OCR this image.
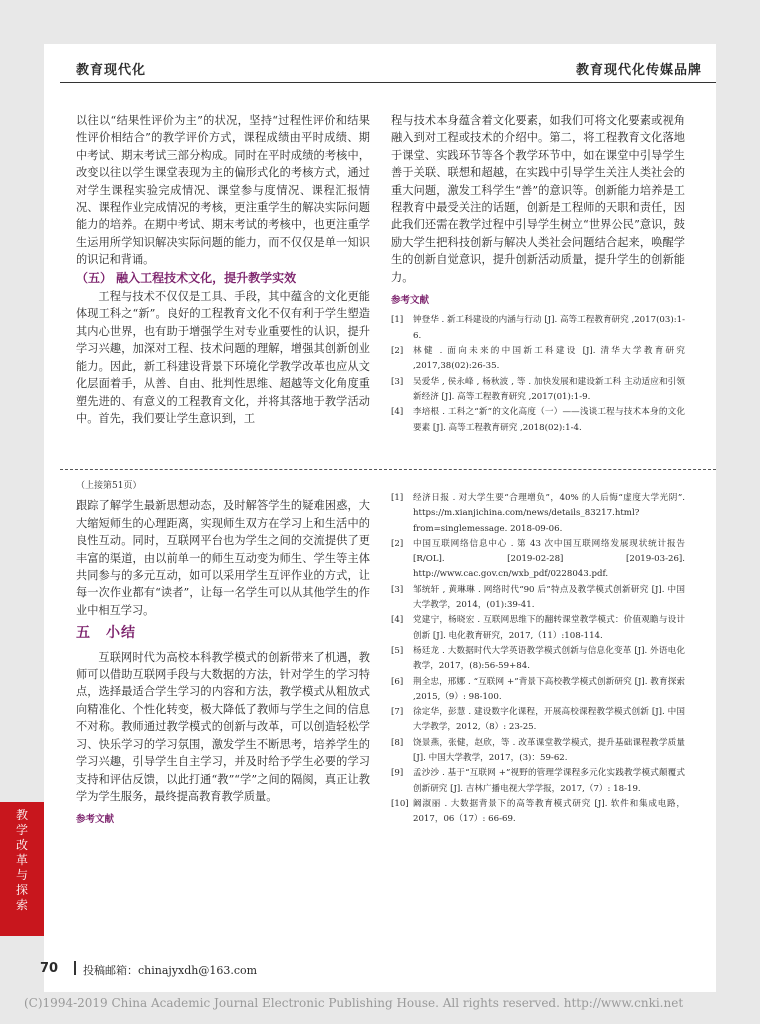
教育现代化	教育现代化传媒品牌

以往以“结果性评价为主”的状况，坚持“过程性评价和结果性评价相结合”的教学评价方式，课程成绩由平时成绩、期中考试、期末考试三部分构成。同时在平时成绩的考核中，改变以往以学生课堂表现为主的偏形式化的考核方式，通过对学生课程实验完成情况、课堂参与度情况、课程汇报情况、课程作业完成情况的考核，更注重学生的解决实际问题能力的培养。在期中考试、期末考试的考核中，也更注重学生运用所学知识解决实际问题的能力，而不仅仅是单一知识的识记和背诵。

（五） 融入工程技术文化，提升教学实效

工程与技术不仅仅是工具、手段，其中蕴含的文化更能体现工科之“新”。良好的工程教育文化不仅有利于学生塑造其内心世界，也有助于增强学生对专业重要性的认识，提升学习兴趣，加深对工程、技术问题的理解，增强其创新创业能力。因此，新工科建设背景下环境化学教学改革也应从文化层面着手，从善、自由、批判性思维、超越等文化角度重塑先进的、有意义的工程教育文化，并将其落地于教学活动中。首先，我们要让学生意识到，工

程与技术本身蕴含着文化要素，如我们可将文化要素或视角融入到对工程或技术的介绍中。第二，将工程教育文化落地于课堂、实践环节等各个教学环节中，如在课堂中引导学生善于关联、联想和超越，在实践中引导学生关注人类社会的重大问题，激发工科学生“善”的意识等。创新能力培养是工程教育中最受关注的话题，创新是工程师的天职和责任，因此我们还需在教学过程中引导学生树立“世界公民”意识，鼓励大学生把科技创新与解决人类社会问题结合起来，唤醒学生的创新自觉意识，提升创新活动质量，提升学生的创新能力。

参考文献
[1]	钟登华 . 新工科建设的内涵与行动 [J]. 高等工程教育研究 ,2017(03):1-6.
[2]	林健 . 面向未来的中国新工科建设 [J]. 清华大学教育研究 ,2017,38(02):26-35.
[3]	吴爱华 , 侯永峰 , 杨秋波 , 等 . 加快发展和建设新工科 主动适应和引领新经济 [J]. 高等工程教育研究 ,2017(01):1-9.
[4]	李培根 . 工科之“新”的文化高度（一）——浅谈工程与技术本身的文化要素 [J]. 高等工程教育研究 ,2018(02):1-4.
（上接第51页）

跟踪了解学生最新思想动态，及时解答学生的疑难困惑，大大缩短师生的心理距离，实现师生双方在学习上和生活中的良性互动。同时，互联网平台也为学生之间的交流提供了更丰富的渠道，由以前单一的师生互动变为师生、学生等主体共同参与的多元互动，如可以采用学生互评作业的方式，让每一次作业都有“读者”，让每一名学生可以从其他学生的作业中相互学习。

五　小结

互联网时代为高校本科教学模式的创新带来了机遇，教师可以借助互联网手段与大数据的方法，针对学生的学习特点，选择最适合学生学习的内容和方法，教学模式从粗放式向精准化、个性化转变，极大降低了教师与学生之间的信息不对称。教师通过教学模式的创新与改革，可以创造轻松学习、快乐学习的学习氛围，激发学生不断思考，培养学生的学习兴趣，引导学生自主学习，并及时给予学生必要的学习支持和评估反馈，以此打通“教”“学”之间的隔阂，真正让教学为学生服务，最终提高教育教学质量。

参考文献
[1]	经济日报 . 对大学生要“合理增负”，40% 的人后悔“虚度大学光阴”. https://m.xianjichina.com/news/details_83217.html?from=singlemessage. 2018-09-06.
[2]	中国互联网络信息中心 . 第 43 次中国互联网络发展现状统计报告 [R/OL]. [2019-02-28] [2019-03-26]. http://www.cac.gov.cn/wxb_pdf/0228043.pdf.
[3]	邹统轩 , 黄琳琳 . 网络时代“90 后”特点及教学模式创新研究 [J]. 中国大学教学，2014，(01):39-41.
[4]	党建宁，杨晓宏 . 互联网思维下的翻转课堂教学模式：价值观瞻与设计创新 [J]. 电化教育研究，2017,（11）:108-114.
[5]	杨廷龙 . 大数据时代大学英语教学模式创新与信息化变革 [J]. 外语电化教学，2017，(8):56-59+84.
[6]	荆全忠，邢娜 . “互联网 +”背景下高校教学模式创新研究 [J]. 教育探索 ,2015,（9）: 98-100.
[7]	徐定华，彭慧 . 建设数字化课程，开展高校课程教学模式创新 [J]. 中国大学教学，2012,（8）: 23-25.
[8]	饶景燕，张健，赵欣，等 . 改革课堂教学模式，提升基础课程教学质量 [J]. 中国大学教学，2017，(3)：59-62.
[9]	孟沙沙 . 基于“互联网 +”视野的管理学课程多元化实践教学模式颠覆式创新研究 [J]. 吉林广播电视大学学报，2017,（7）: 18-19.
[10] 阚淑丽 . 大数据背景下的高等教育模式研究 [J]. 软件和集成电路，2017，06（17）: 66-69.
教
学
改
革
与
探
索
70 投稿邮箱：chinajyxdh@163.com
(C)1994-2019 China Academic Journal Electronic Publishing House. All rights reserved. http://www.cnki.net
